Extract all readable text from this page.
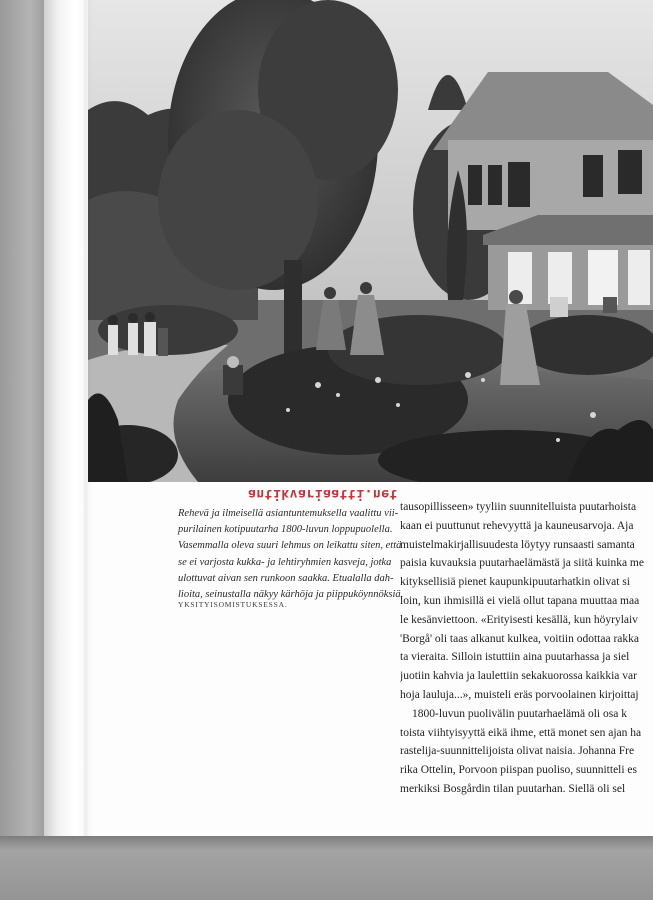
antikvariaatti.net

Rehevä ja ilmeisellä asiantuntemuksella vaalittu vii-
purilainen kotipuutarha 1800-luvun loppupuolella.
Vasemmalla oleva suuri lehmus on leikattu siten, että
se ei varjosta kukka- ja lehtiryhmien kasveja, jotka
ulottuvat aivan sen runkoon saakka. Etualalla dah-
lioita, seinustalla näkyy kärhöja ja piippuköynnöksiä.

YKSITYISOMISTUKSESSA.

tausopillisseen» tyyliin suunnitelluista puutarhoista
kaan ei puuttunut rehevyyttä ja kauneusarvoja. Aja
muistelmakirjallisuudesta löytyy runsaasti samanta
paisia kuvauksia puutarhaelämästä ja siitä kuinka me
kityksellisiä pienet kaupunkipuutarhatkin olivat si
loin, kun ihmisillä ei vielä ollut tapana muuttaa maa
le kesänviettoon. «Erityisesti kesällä, kun höyrylaiv
'Borgå' oli taas alkanut kulkea, voitiin odottaa rakka
ta vieraita. Silloin istuttiin aina puutarhassa ja siel
juotiin kahvia ja laulettiin sekakuorossa kaikkia var
hoja lauluja...», muisteli eräs porvoolainen kirjoittaj
1800-luvun puolivälin puutarhaelämä oli osa k
toista viihtyisyyttä eikä ihme, että monet sen ajan ha
rastelija-suunnittelijoista olivat naisia. Johanna Fre
rika Ottelin, Porvoon piispan puoliso, suunnitteli es
merkiksi Bosgårdin tilan puutarhan. Siellä oli sel
